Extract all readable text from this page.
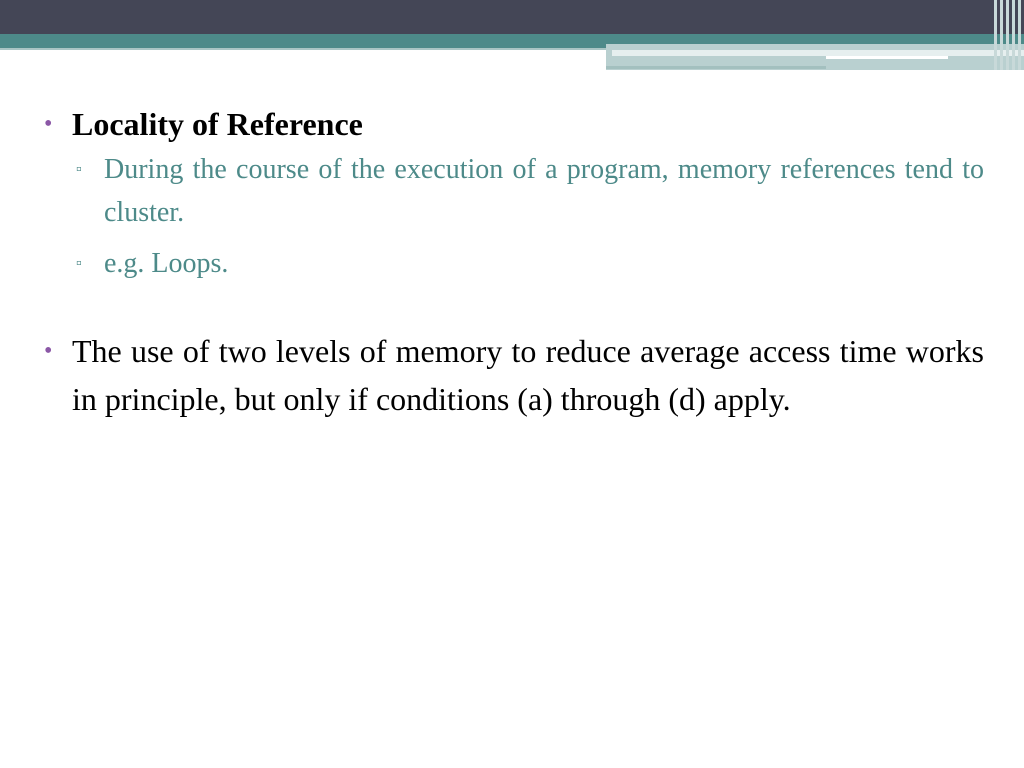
• Locality of Reference
▫ During the course of the execution of a program, memory references tend to cluster.
▫ e.g. Loops.
• The use of two levels of memory to reduce average access time works in principle, but only if conditions (a) through (d) apply.
